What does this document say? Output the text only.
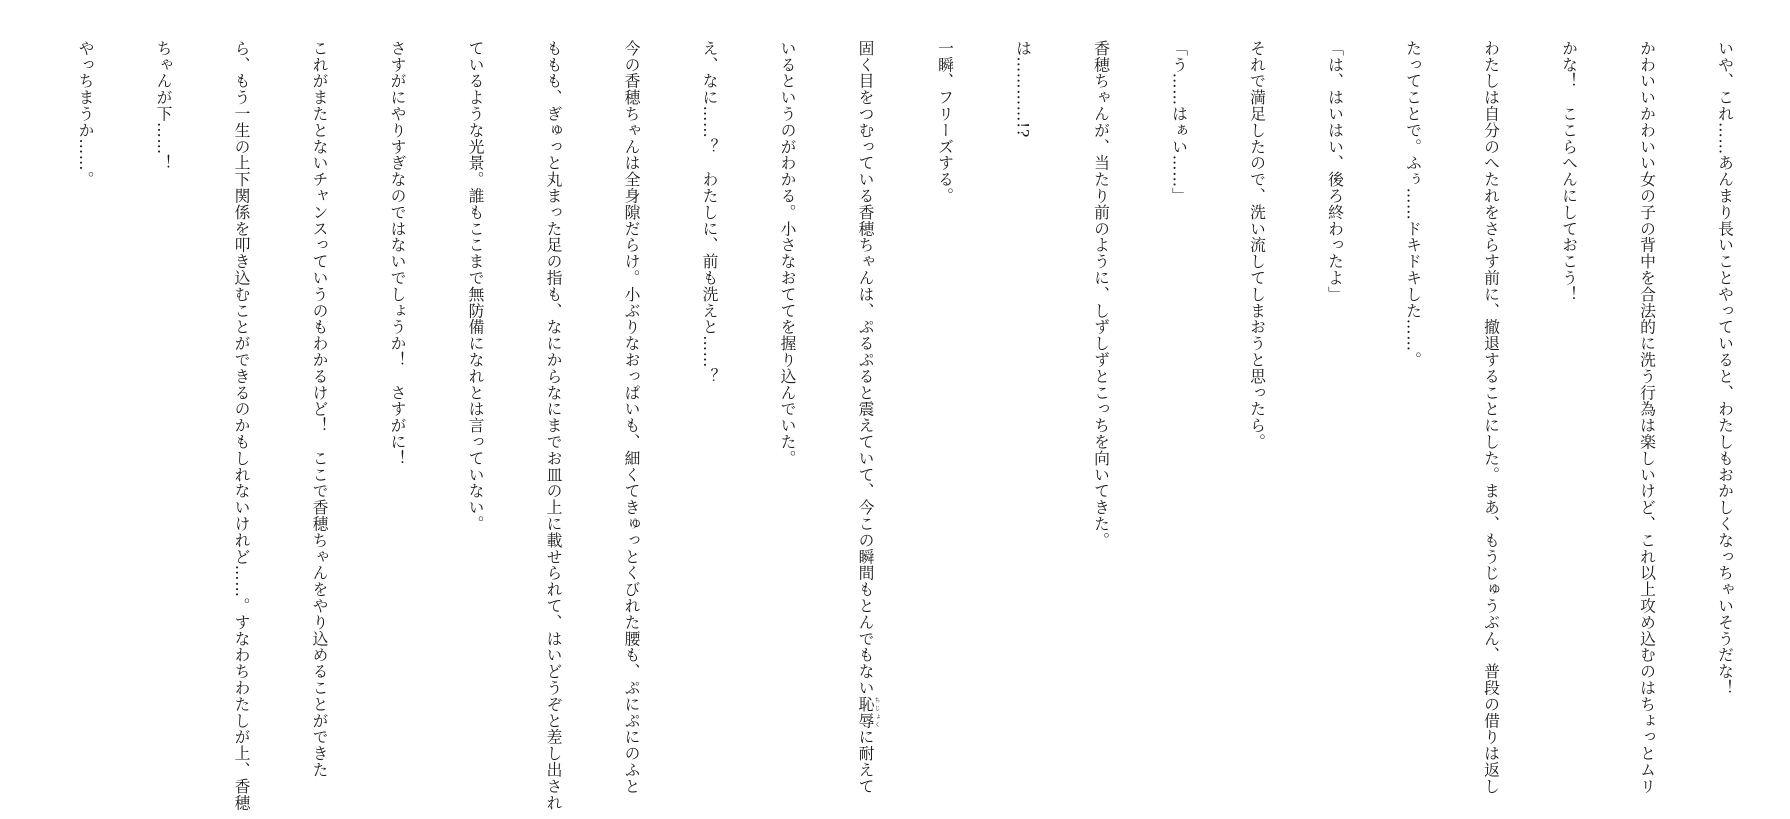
いや、これ……あんまり長いことやっていると、わたしもおかしくなっちゃいそうだな！

かわいいかわいい女の子の背中を合法的に洗う行為は楽しいけど、これ以上攻め込むのはちょっとムリ

かな！　ここらへんにしておこう！

わたしは自分のへたれをさらす前に、撤退することにした。まあ、もうじゅうぶん、普段の借りは返し

たってことで。ふぅ……ドキドキした……。

「は、はいはい、後ろ終わったよ」

それで満足したので、洗い流してしまおうと思ったら。

「う……はぁい……」

香穂ちゃんが、当たり前のように、しずしずとこっちを向いてきた。

は…………!?

一瞬、フリーズする。

固く目をつむっている香穂ちゃんは、ぷるぷると震えていて、今この瞬間もとんでもない恥辱ちじょくに耐えて

いるというのがわかる。小さなおててを握り込んでいた。

え、なに……？　わたしに、前も洗えと……？

今の香穂ちゃんは全身隙だらけ。小ぶりなおっぱいも、細くてきゅっとくびれた腰も、ぷにぷにのふと

ももも、ぎゅっと丸まった足の指も、なにからなにまでお皿の上に載せられて、はいどうぞと差し出され

ているような光景。誰もここまで無防備になれとは言っていない。

さすがにやりすぎなのではないでしょうか！　さすがに！

これがまたとないチャンスっていうのもわかるけど！　ここで香穂ちゃんをやり込めることができた

ら、もう一生の上下関係を叩き込むことができるのかもしれないけれど……。すなわちわたしが上、香穂

ちゃんが下……！

やっちまうか……。
